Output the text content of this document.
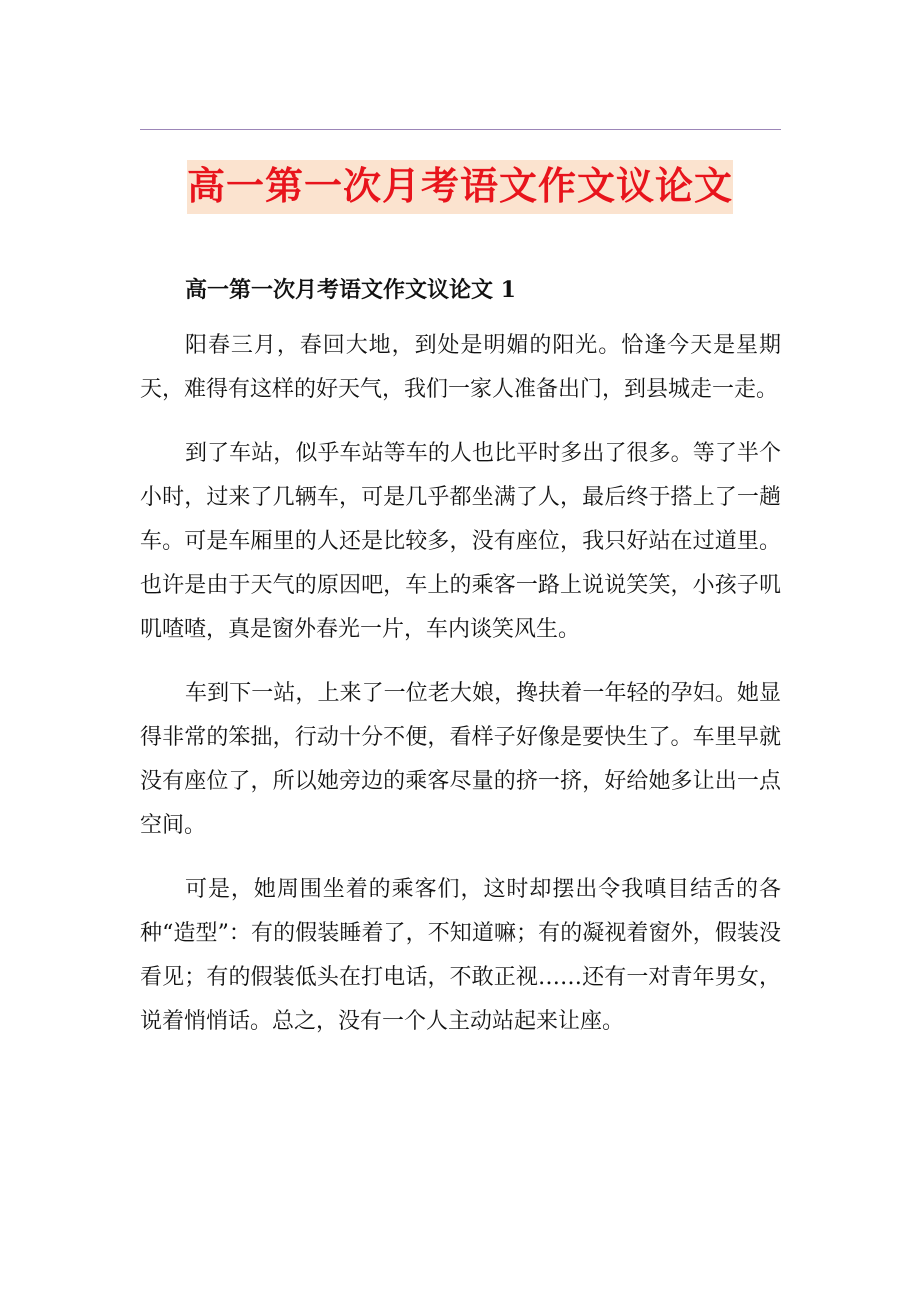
高一第一次月考语文作文议论文

高一第一次月考语文作文议论文 1

阳春三月，春回大地，到处是明媚的阳光。恰逢今天是星期天，难得有这样的好天气，我们一家人准备出门，到县城走一走。

到了车站，似乎车站等车的人也比平时多出了很多。等了半个小时，过来了几辆车，可是几乎都坐满了人，最后终于搭上了一趟车。可是车厢里的人还是比较多，没有座位，我只好站在过道里。也许是由于天气的原因吧，车上的乘客一路上说说笑笑，小孩子叽叽喳喳，真是窗外春光一片，车内谈笑风生。

车到下一站，上来了一位老大娘，搀扶着一年轻的孕妇。她显得非常的笨拙，行动十分不便，看样子好像是要快生了。车里早就没有座位了，所以她旁边的乘客尽量的挤一挤，好给她多让出一点空间。

可是，她周围坐着的乘客们，这时却摆出令我嗔目结舌的各种“造型”：有的假装睡着了，不知道嘛；有的凝视着窗外，假装没看见；有的假装低头在打电话，不敢正视……还有一对青年男女，说着悄悄话。总之，没有一个人主动站起来让座。
